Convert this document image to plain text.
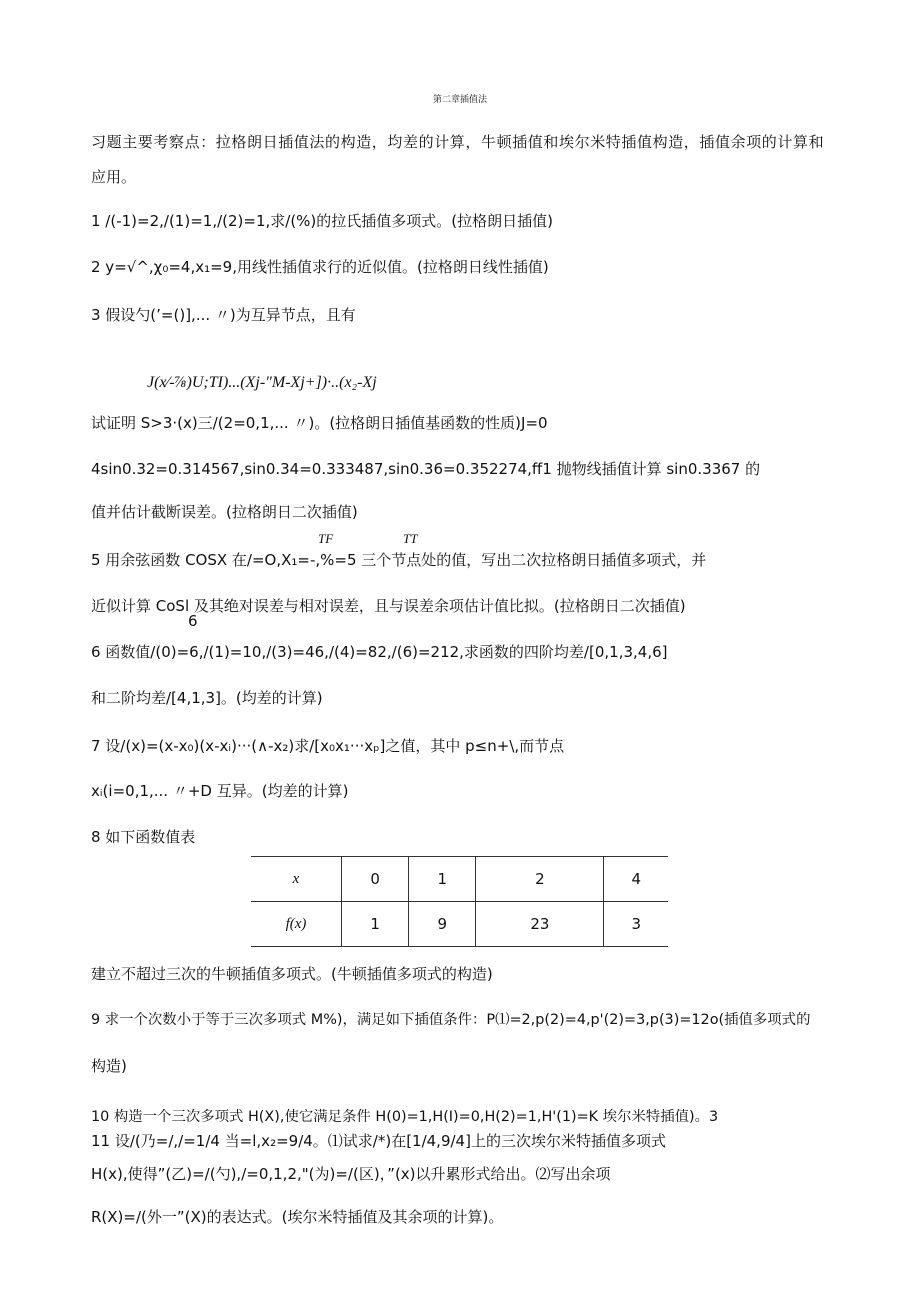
第二章插值法
习题主要考察点：拉格朗日插值法的构造，均差的计算，牛顿插值和埃尔米特插值构造，插值余项的计算和
应用。
1 /(-1)=2,/(1)=1,/(2)=1,求/(%)的拉氏插值多项式。(拉格朗日插值)
2 y=√^,χ₀=4,x₁=9,用线性插值求行的近似值。(拉格朗日线性插值)
3 假设勺(’=()],... 〃)为互异节点，且有
J(x⁄-⅞)U;TI)...(Xj-"M-Xj+])·..(x₂-Xj
试证明 S>3·(x)三/(2=0,1,... 〃)。(拉格朗日插值基函数的性质)J=0
4sin0.32=0.314567,sin0.34=0.333487,sin0.36=0.352274,ff1 抛物线插值计算 sin0.3367 的
值并估计截断误差。(拉格朗日二次插值)
TF	TT
5 用余弦函数 COSX 在/=O,X₁=-,%=5 三个节点处的值，写出二次拉格朗日插值多项式，并
近似计算 CoSl 及其绝对误差与相对误差，且与误差余项估计值比拟。(拉格朗日二次插值)
6
6 函数值/(0)=6,/(1)=10,/(3)=46,/(4)=82,/(6)=212,求函数的四阶均差/[0,1,3,4,6]
和二阶均差/[4,1,3]。(均差的计算)
7 设/(x)=(x-x₀)(x-xᵢ)···(∧-x₂)求/[x₀x₁···xₚ]之值，其中 p≤n+\,而节点
xᵢ(i=0,1,... 〃+D 互异。(均差的计算)
8 如下函数值表
x	0	1	2	4
f(x)	1	9	23	3
建立不超过三次的牛顿插值多项式。(牛顿插值多项式的构造)
9 求一个次数小于等于三次多项式 M%)，满足如下插值条件：P⑴=2,p(2)=4,p'(2)=3,p(3)=12o(插值多项式的
构造)
10 构造一个三次多项式 H(X),使它满足条件 H(0)=1,H(I)=0,H(2)=1,H'(1)=K 埃尔米特插值)。3
11 设/(乃=/,/=1/4 当=l,x₂=9/4。⑴试求/*)在[1/4,9/4]上的三次埃尔米特插值多项式
H(x),使得”(乙)=/(勺),/=0,1,2,"(为)=/(区)，”(x)以升累形式给出。⑵写出余项
R(X)=/(外一”(X)的表达式。(埃尔米特插值及其余项的计算)。
